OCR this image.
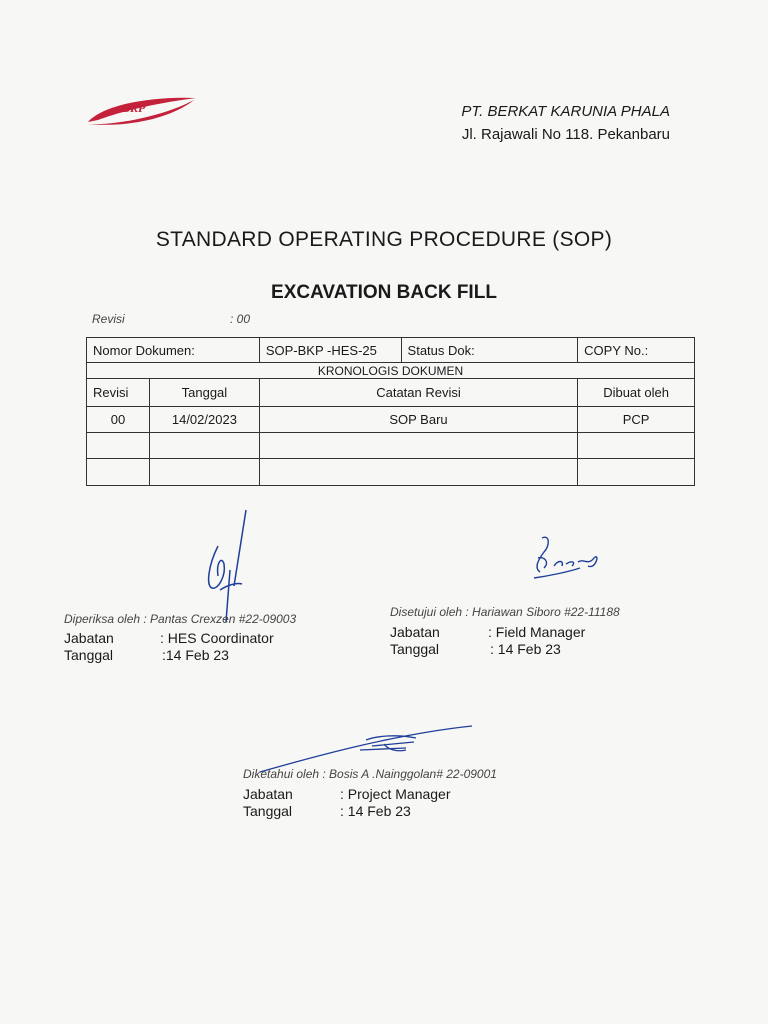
BKP	PT. BERKAT KARUNIA PHALA
Jl. Rajawali No 118. Pekanbaru
STANDARD OPERATING PROCEDURE (SOP)
EXCAVATION BACK FILL
Revisi	: 00
Nomor Dokumen:		SOP-BKP -HES-25	Status Dok:	COPY No.:
KRONOLOGIS DOKUMEN				
Revisi	Tanggal	Catatan Revisi		Dibuat oleh
00	14/02/2023	SOP Baru		PCP

Diperiksa oleh : Pantas Crexzen #22-09003
Jabatan	: HES Coordinator
Tanggal	:14 Feb 23
Disetujui oleh : Hariawan Siboro #22-11188
Jabatan	: Field Manager
Tanggal	: 14 Feb 23
Diketahui oleh : Bosis A .Nainggolan# 22-09001
Jabatan	: Project Manager
Tanggal	: 14 Feb 23
